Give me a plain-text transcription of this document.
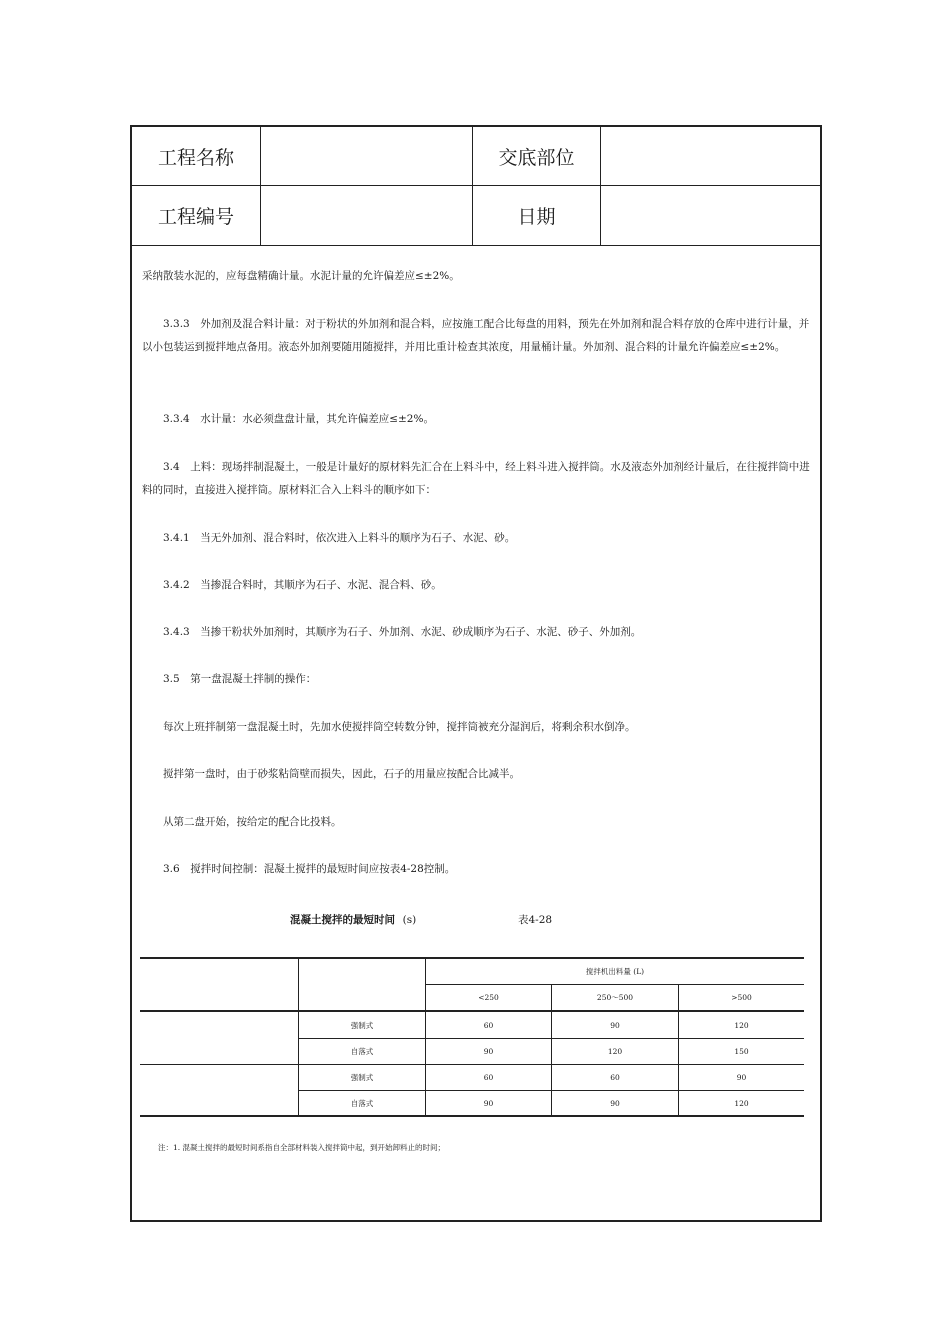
工程名称	交底部位
工程编号	日期
采纳散装水泥的，应每盘精确计量。水泥计量的允许偏差应≤±2%。
3.3.3　外加剂及混合料计量：对于粉状的外加剂和混合料，应按施工配合比每盘的用料，预先在外加剂和混合料存放的仓库中进行计量，并以小包装运到搅拌地点备用。液态外加剂要随用随搅拌，并用比重计检查其浓度，用量桶计量。外加剂、混合料的计量允许偏差应≤±2%。
3.3.4　水计量：水必须盘盘计量，其允许偏差应≤±2%。
3.4　上料：现场拌制混凝土，一般是计量好的原材料先汇合在上料斗中，经上料斗进入搅拌筒。水及液态外加剂经计量后，在往搅拌筒中进料的同时，直接进入搅拌筒。原材料汇合入上料斗的顺序如下：
3.4.1　当无外加剂、混合料时，依次进入上料斗的顺序为石子、水泥、砂。
3.4.2　当掺混合料时，其顺序为石子、水泥、混合料、砂。
3.4.3　当掺干粉状外加剂时，其顺序为石子、外加剂、水泥、砂成顺序为石子、水泥、砂子、外加剂。
3.5　第一盘混凝土拌制的操作：
每次上班拌制第一盘混凝土时，先加水使搅拌筒空转数分钟，搅拌筒被充分湿润后，将剩余积水倒净。
搅拌第一盘时，由于砂浆粘筒壁而损失，因此，石子的用量应按配合比减半。
从第二盘开始，按给定的配合比投料。
3.6　搅拌时间控制：混凝土搅拌的最短时间应按表4-28控制。
混凝土搅拌的最短时间 (s)	表4-28
搅拌机出料量 (L)
<250	250～500	>500
强制式	60	90	120
自落式	90	120	150
强制式	60	60	90
自落式	90	90	120
注：1. 混凝土搅拌的最短时间系指自全部材料装入搅拌筒中起，到开始卸料止的时间；
